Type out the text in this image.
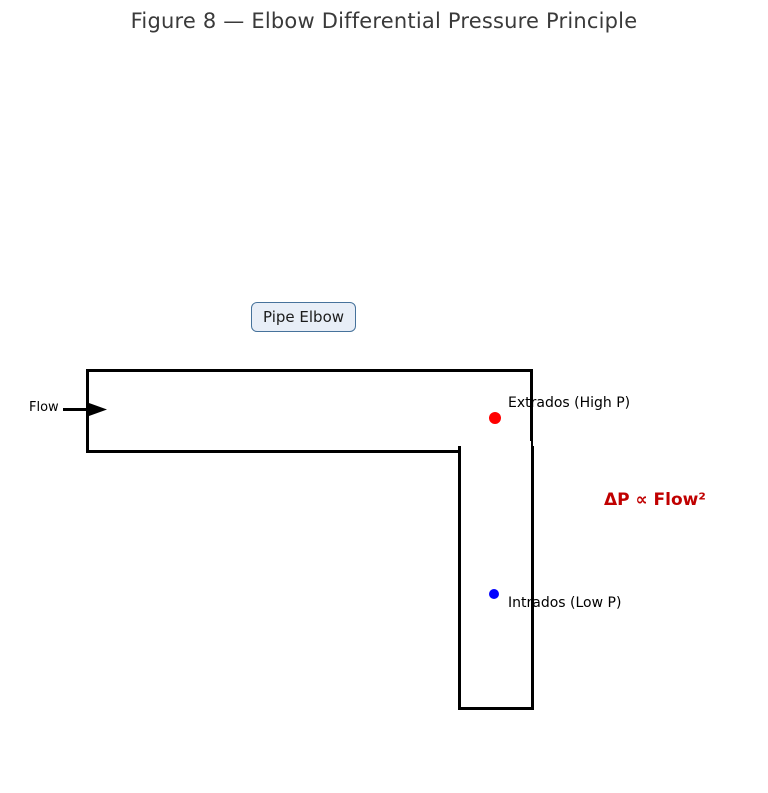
Figure 8 — Elbow Differential Pressure Principle
Pipe Elbow
Flow	Extrados (High P)
Intrados (Low P)
ΔP ∝ Flow²
